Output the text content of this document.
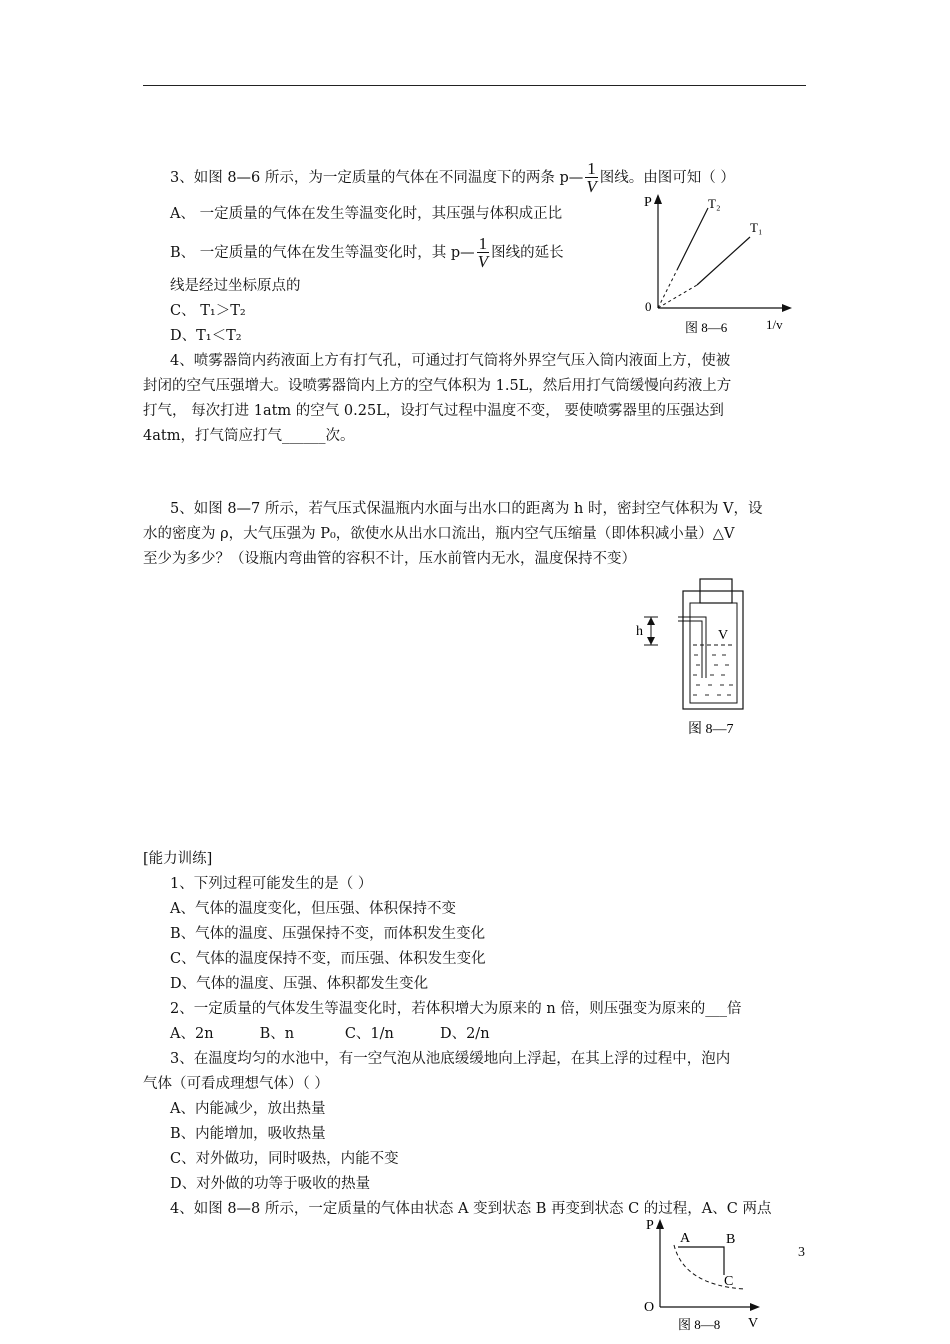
3、如图 8—6 所示，为一定质量的气体在不同温度下的两条 p— $\frac{1}{V}$ 图线。由图可知（ ）
A、 一定质量的气体在发生等温变化时，其压强与体积成正比
B、 一定质量的气体在发生等温变化时，其 p— $\frac{1}{V}$ 图线的延长
线是经过坐标原点的
C、 T₁＞T₂
D、T₁＜T₂
P	T₂
T₁
0
图 8—6	1/v
4、喷雾器筒内药液面上方有打气孔，可通过打气筒将外界空气压入筒内液面上方，使被
封闭的空气压强增大。设喷雾器筒内上方的空气体积为 1.5L，然后用打气筒缓慢向药液上方
打气， 每次打进 1atm 的空气 0.25L，设打气过程中温度不变， 要使喷雾器里的压强达到
4atm，打气筒应打气______次。
5、如图 8—7 所示，若气压式保温瓶内水面与出水口的距离为 h 时，密封空气体积为 V，设
水的密度为 ρ，大气压强为 P₀，欲使水从出水口流出，瓶内空气压缩量（即体积减小量）△V
至少为多少？（设瓶内弯曲管的容积不计，压水前管内无水，温度保持不变）
h	V
图 8—7
[能力训练]
1、下列过程可能发生的是（ ）
A、气体的温度变化，但压强、体积保持不变
B、气体的温度、压强保持不变，而体积发生变化
C、气体的温度保持不变，而压强、体积发生变化
D、气体的温度、压强、体积都发生变化
2、一定质量的气体发生等温变化时，若体积增大为原来的 n 倍，则压强变为原来的___倍
A、2n          B、n           C、1/n          D、2/n
3、在温度均匀的水池中，有一空气泡从池底缓缓地向上浮起，在其上浮的过程中，泡内
气体（可看成理想气体）（ ）
A、内能减少，放出热量
B、内能增加，吸收热量
C、对外做功，同时吸热，内能不变
D、对外做的功等于吸收的热量
4、如图 8—8 所示，一定质量的气体由状态 A 变到状态 B 再变到状态 C 的过程，A、C 两点
P
A	B
C
O
V
图 8—8
3
